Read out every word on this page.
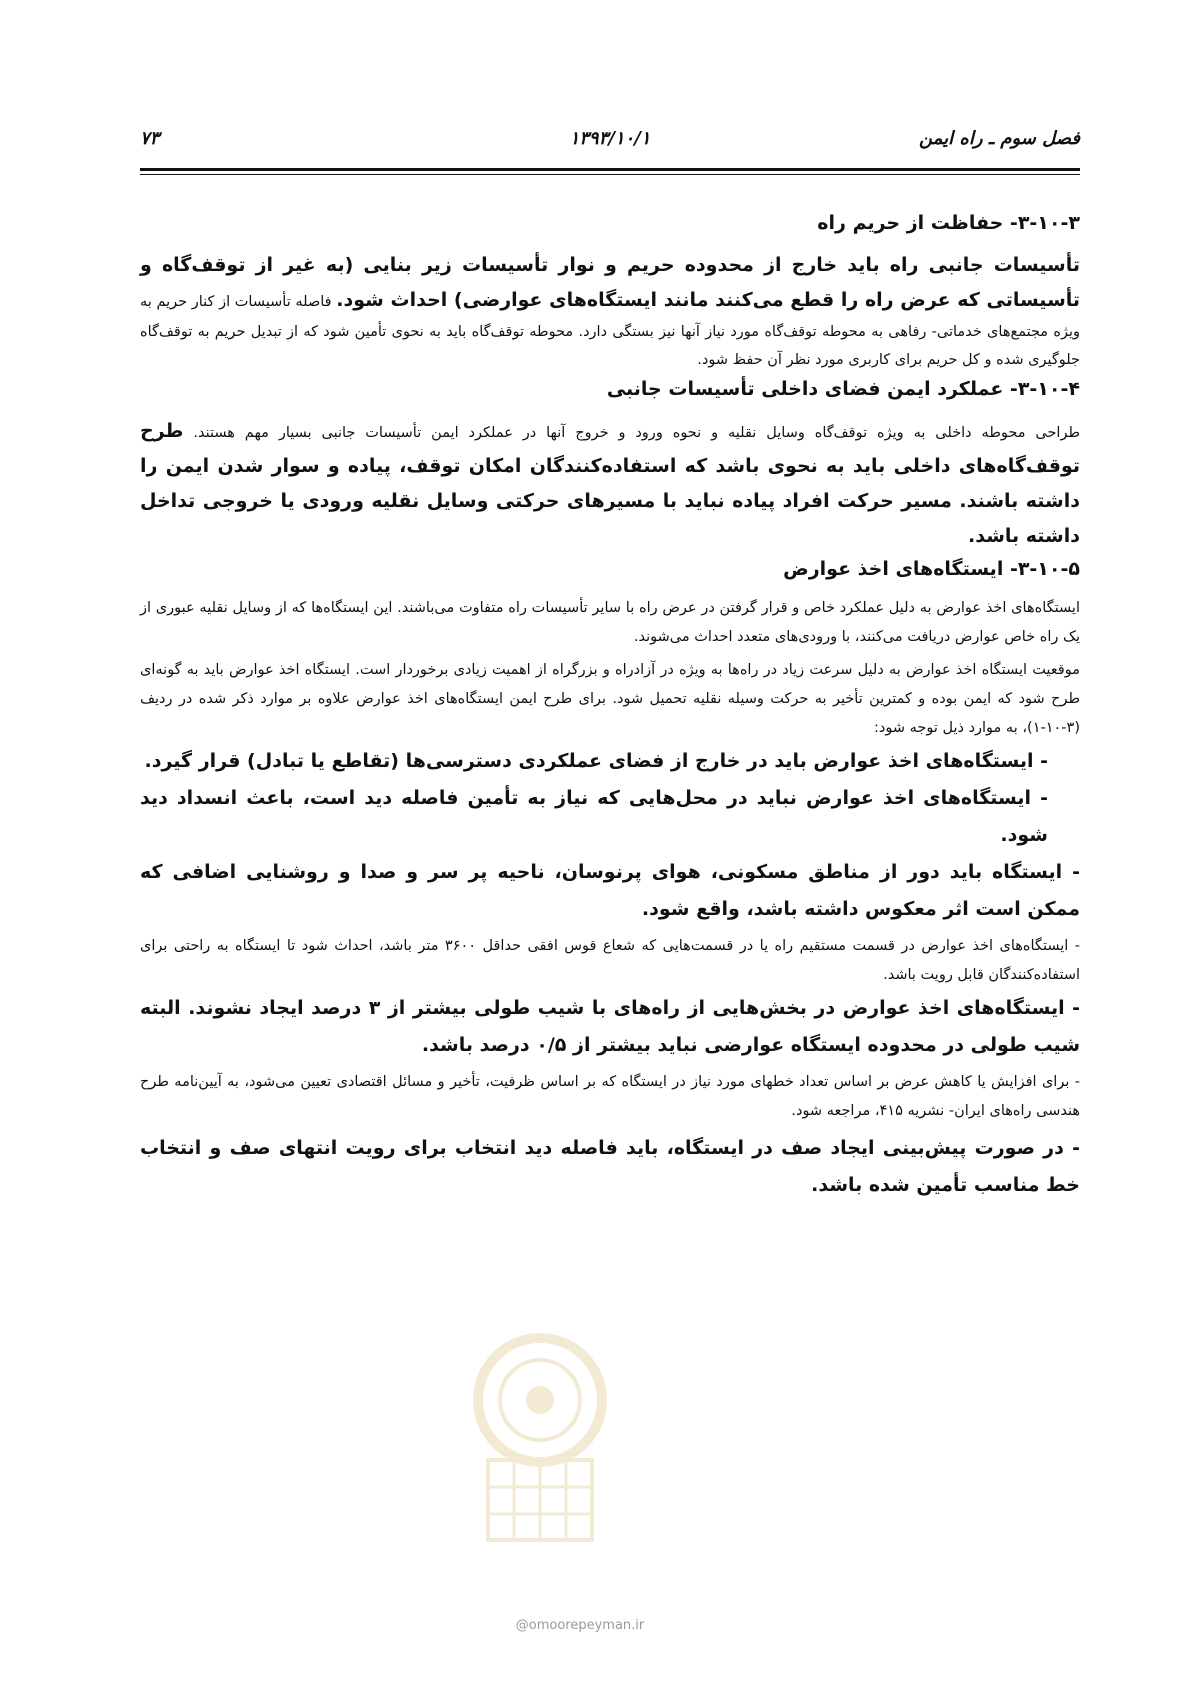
فصل سوم ـ راه ایمن
۱۳۹۳/۱۰/۱
۷۳
۳-۱۰-۳- حفاظت از حریم راه

تأسیسات جانبی راه باید خارج از محدوده حریم و نوار تأسیسات زیر بنایی (به غیر از توقف‌گاه و تأسیساتی که عرض راه را قطع می‌کنند مانند ایستگاه‌های عوارضی) احداث شود. فاصله تأسیسات از کنار حریم به ویژه مجتمع‌های خدماتی- رفاهی به محوطه توقف‌گاه مورد نیاز آنها نیز بستگی دارد. محوطه توقف‌گاه باید به نحوی تأمین شود که از تبدیل حریم به توقف‌گاه جلوگیری شده و کل حریم برای کاربری مورد نظر آن حفظ شود.

۳-۱۰-۴- عملکرد ایمن فضای داخلی تأسیسات جانبی

طراحی محوطه داخلی به ویژه توقف‌گاه وسایل نقلیه و نحوه ورود و خروج آنها در عملکرد ایمن تأسیسات جانبی بسیار مهم هستند. طرح توقف‌گاه‌های داخلی باید به نحوی باشد که استفاده‌کنندگان امکان توقف، پیاده و سوار شدن ایمن را داشته باشند. مسیر حرکت افراد پیاده نباید با مسیرهای حرکتی وسایل نقلیه ورودی یا خروجی تداخل داشته باشد.

۳-۱۰-۵- ایستگاه‌های اخذ عوارض

ایستگاه‌های اخذ عوارض به دلیل عملکرد خاص و قرار گرفتن در عرض راه با سایر تأسیسات راه متفاوت می‌باشند. این ایستگاه‌ها که از وسایل نقلیه عبوری از یک راه خاص عوارض دریافت می‌کنند، با ورودی‌های متعدد احداث می‌شوند.

موقعیت ایستگاه اخذ عوارض به دلیل سرعت زیاد در راه‌ها به ویژه در آزادراه و بزرگراه از اهمیت زیادی برخوردار است. ایستگاه اخذ عوارض باید به گونه‌ای طرح شود که ایمن بوده و کمترین تأخیر به حرکت وسیله نقلیه تحمیل شود. برای طرح ایمن ایستگاه‌های اخذ عوارض علاوه بر موارد ذکر شده در ردیف (۳-۱۰-۱)، به موارد ذیل توجه شود:

- ایستگاه‌های اخذ عوارض باید در خارج از فضای عملکردی دسترسی‌ها (تقاطع یا تبادل) قرار گیرد.

- ایستگاه‌های اخذ عوارض نباید در محل‌هایی که نیاز به تأمین فاصله دید است، باعث انسداد دید شود.

- ایستگاه باید دور از مناطق مسکونی، هوای پرنوسان، ناحیه پر سر و صدا و روشنایی اضافی که ممکن است اثر معکوس داشته باشد، واقع شود.

- ایستگاه‌های اخذ عوارض در قسمت مستقیم راه یا در قسمت‌هایی که شعاع قوس افقی حداقل ۳۶۰۰ متر باشد، احداث شود تا ایستگاه به راحتی برای استفاده‌کنندگان قابل رویت باشد.

- ایستگاه‌های اخذ عوارض در بخش‌هایی از راه‌های با شیب طولی بیشتر از ۳ درصد ایجاد نشوند. البته شیب طولی در محدوده ایستگاه عوارضی نباید بیشتر از ۰/۵ درصد باشد.

- برای افزایش یا کاهش عرض بر اساس تعداد خطهای مورد نیاز در ایستگاه که بر اساس ظرفیت، تأخیر و مسائل اقتصادی تعیین می‌شود، به آیین‌نامه طرح هندسی راه‌های ایران- نشریه ۴۱۵، مراجعه شود.

- در صورت پیش‌بینی ایجاد صف در ایستگاه، باید فاصله دید انتخاب برای رویت انتهای صف و انتخاب خط مناسب تأمین شده باشد.

@omoorepeyman.ir
